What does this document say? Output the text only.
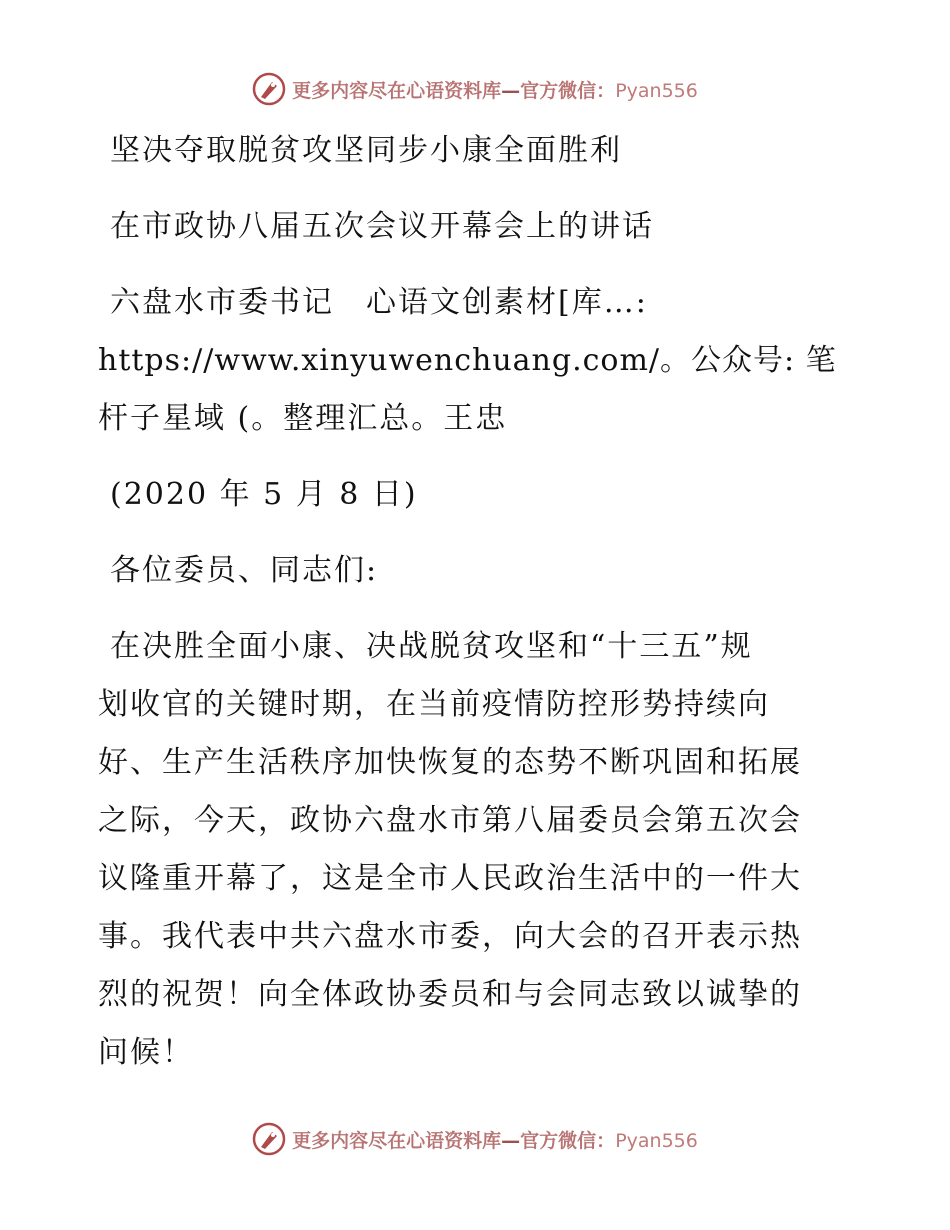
更多内容尽在心语资料库—官方微信：Pyan556

坚决夺取脱贫攻坚同步小康全面胜利

在市政协八届五次会议开幕会上的讲话

六盘水市委书记　心语文创素材[库…:

https://www.xinyuwenchuang.com/。公众号: 笔

杆子星域 (。整理汇总。王忠

(2020 年 5 月 8 日)

各位委员、同志们:

在决胜全面小康、决战脱贫攻坚和“十三五”规

划收官的关键时期，在当前疫情防控形势持续向

好、生产生活秩序加快恢复的态势不断巩固和拓展

之际，今天，政协六盘水市第八届委员会第五次会

议隆重开幕了，这是全市人民政治生活中的一件大

事。我代表中共六盘水市委，向大会的召开表示热

烈的祝贺！向全体政协委员和与会同志致以诚挚的

问候！

更多内容尽在心语资料库—官方微信：Pyan556
